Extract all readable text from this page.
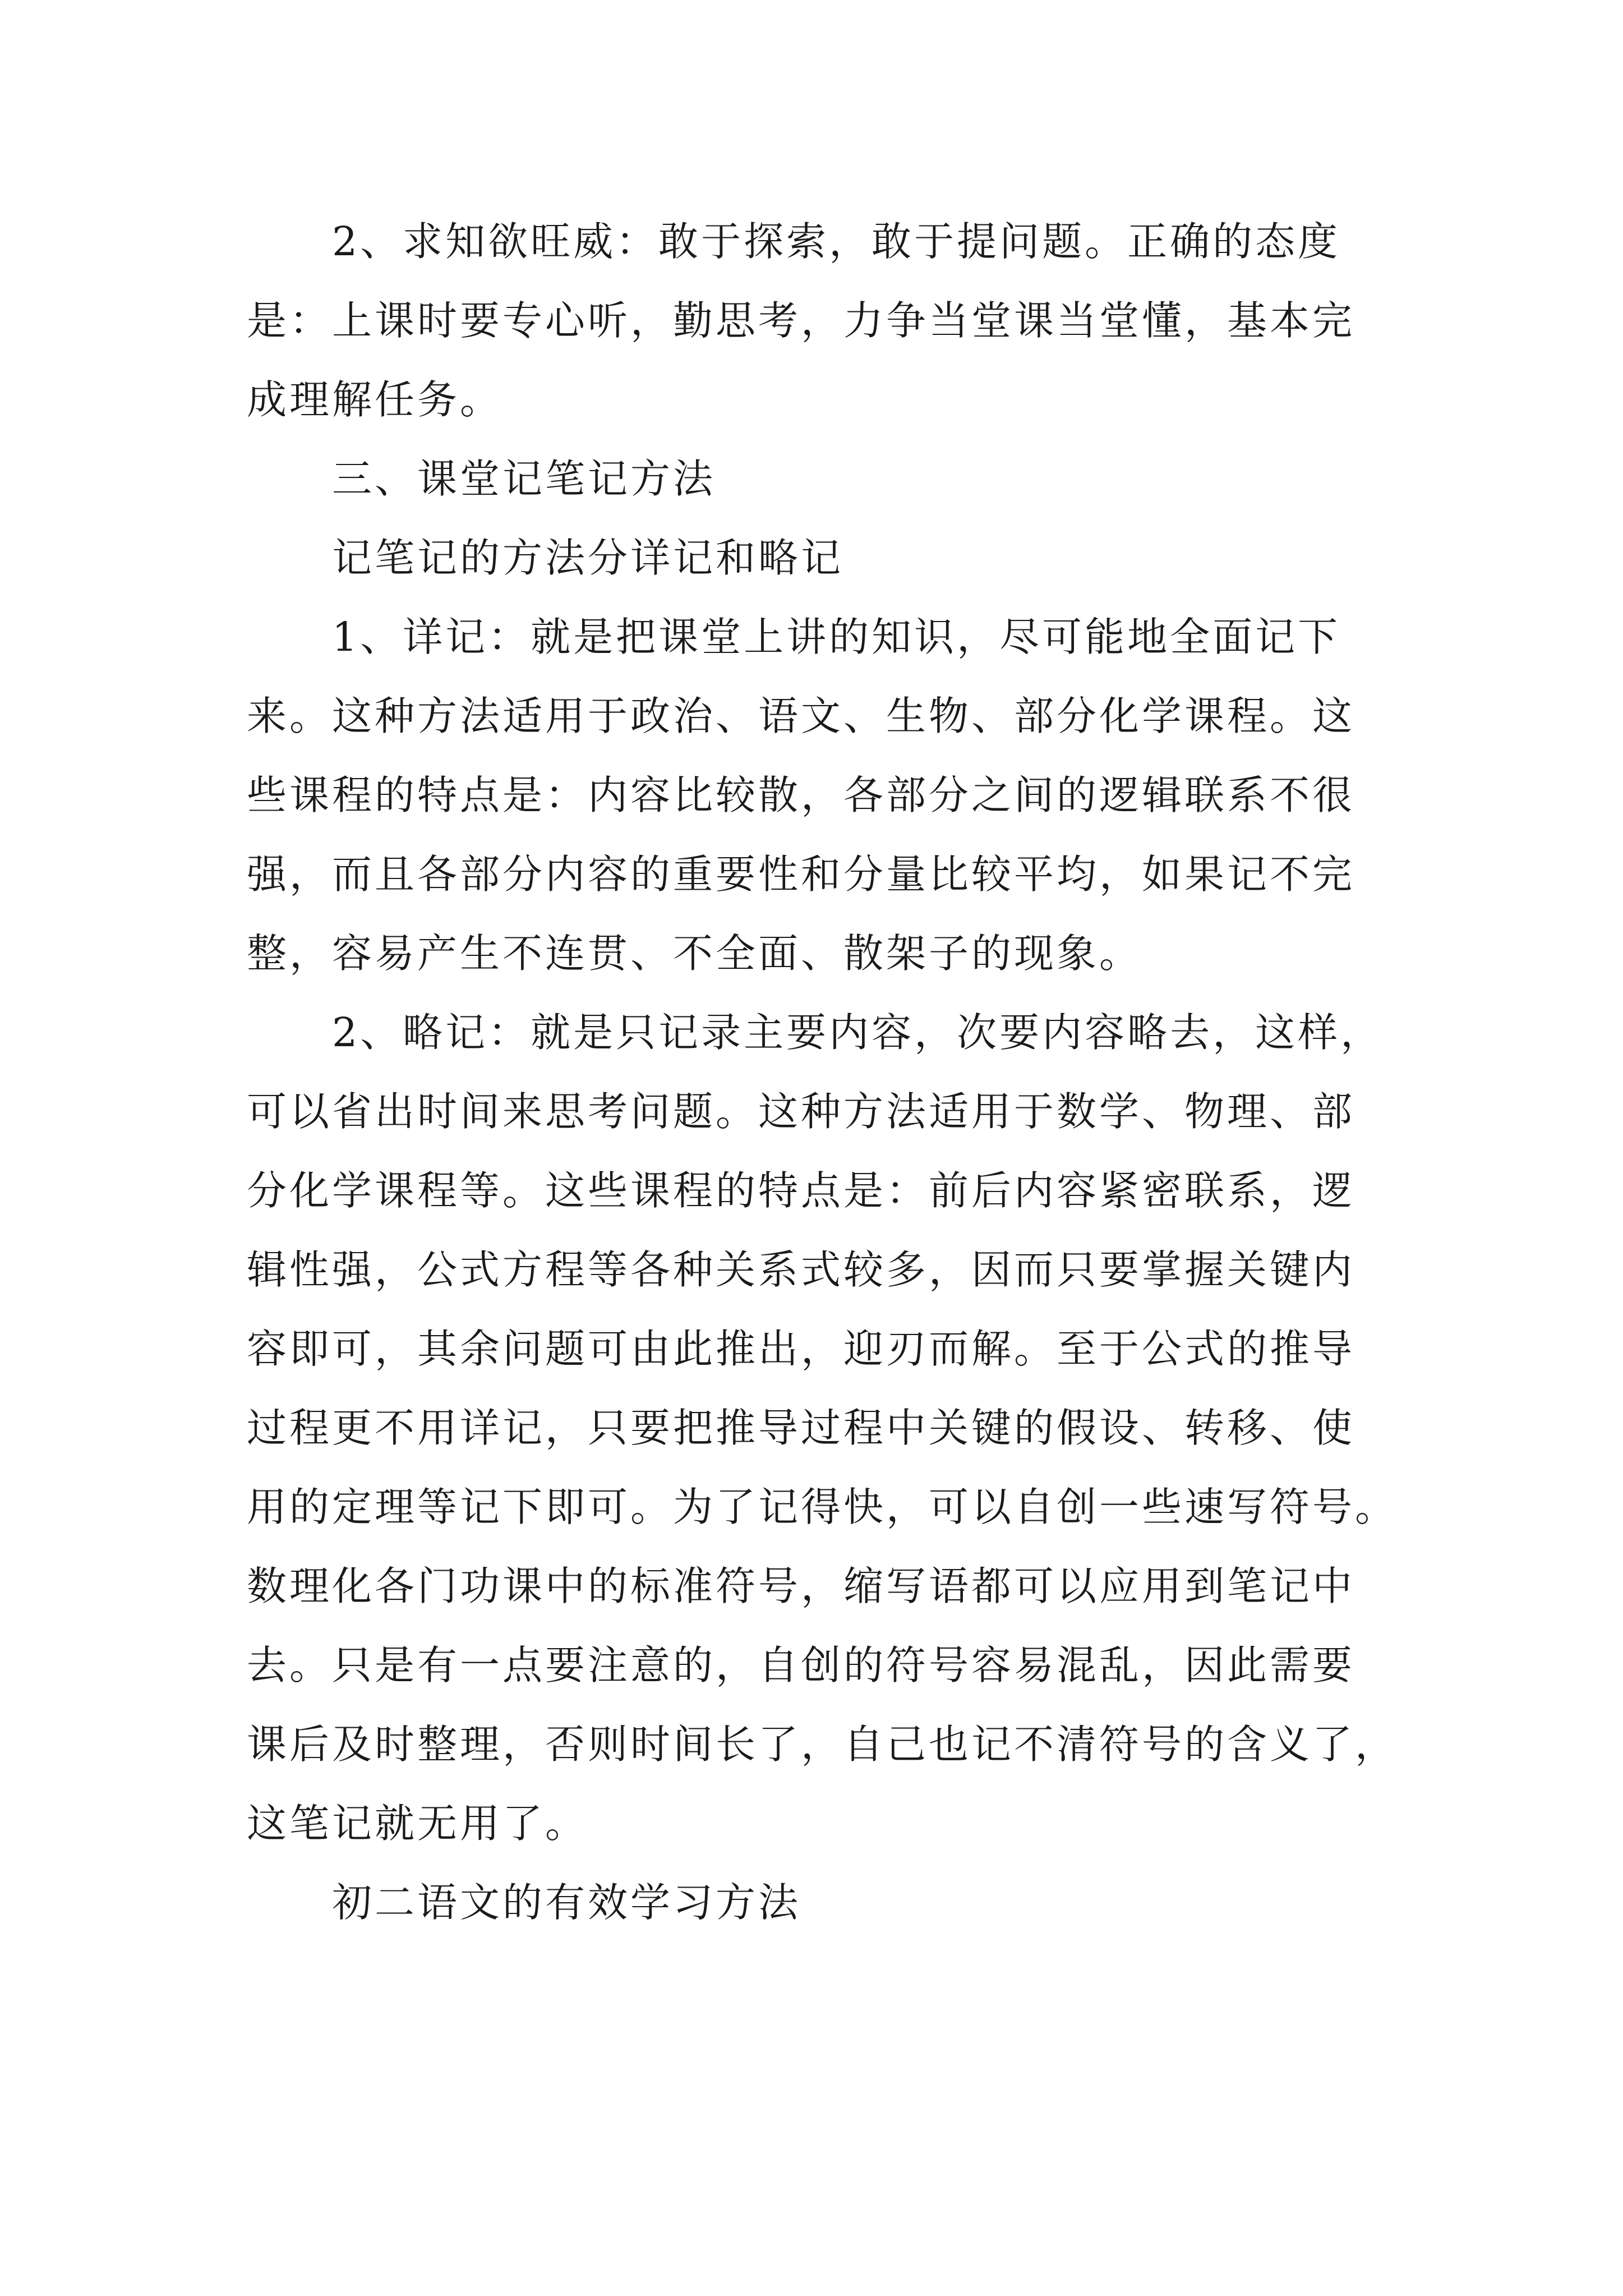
2、求知欲旺威：敢于探索，敢于提问题。正确的态度
是：上课时要专心听，勤思考，力争当堂课当堂懂，基本完
成理解任务。

三、课堂记笔记方法

记笔记的方法分详记和略记

1、详记：就是把课堂上讲的知识，尽可能地全面记下
来。这种方法适用于政治、语文、生物、部分化学课程。这
些课程的特点是：内容比较散，各部分之间的逻辑联系不很
强，而且各部分内容的重要性和分量比较平均，如果记不完
整，容易产生不连贯、不全面、散架子的现象。

2、略记：就是只记录主要内容，次要内容略去，这样，
可以省出时间来思考问题。这种方法适用于数学、物理、部
分化学课程等。这些课程的特点是：前后内容紧密联系，逻
辑性强，公式方程等各种关系式较多，因而只要掌握关键内
容即可，其余问题可由此推出，迎刃而解。至于公式的推导
过程更不用详记，只要把推导过程中关键的假设、转移、使
用的定理等记下即可。为了记得快，可以自创一些速写符号。
数理化各门功课中的标准符号，缩写语都可以应用到笔记中
去。只是有一点要注意的，自创的符号容易混乱，因此需要
课后及时整理，否则时间长了，自己也记不清符号的含义了，
这笔记就无用了。

初二语文的有效学习方法
